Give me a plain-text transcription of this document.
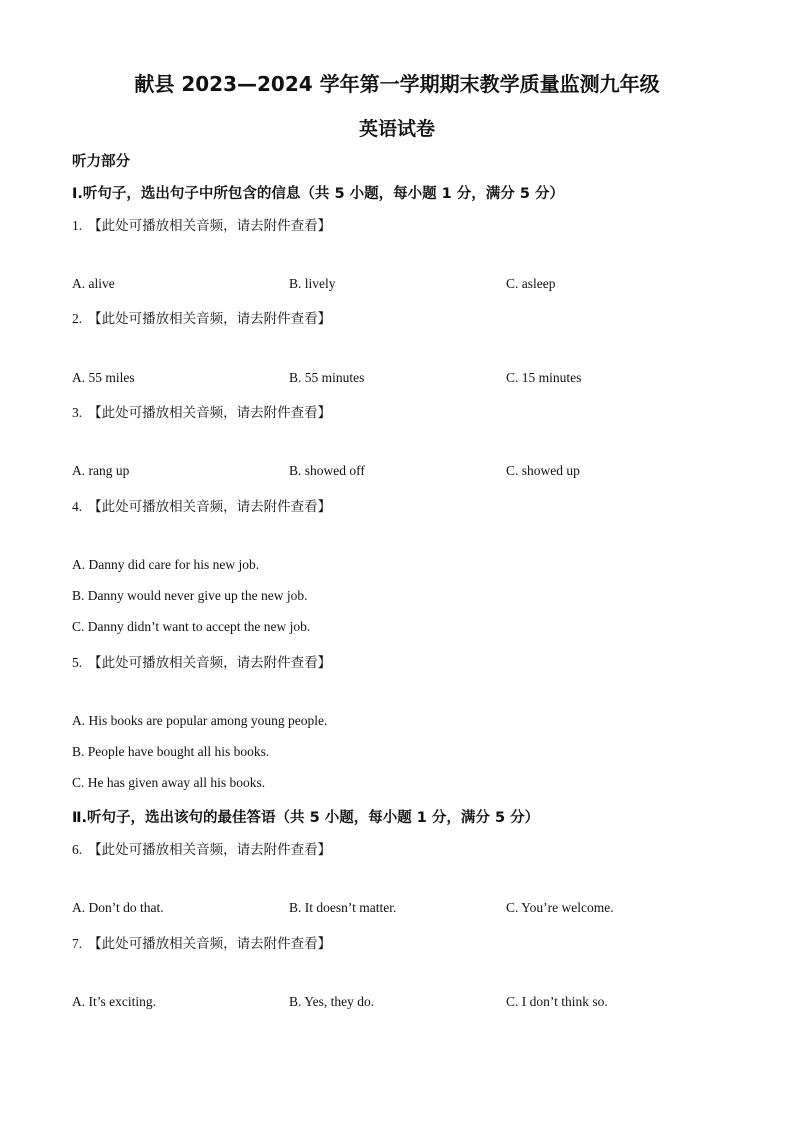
献县 2023—2024 学年第一学期期末教学质量监测九年级
英语试卷
听力部分
Ⅰ.听句子，选出句子中所包含的信息（共 5 小题，每小题 1 分，满分 5 分）
1. 【此处可播放相关音频，请去附件查看】
A. alive	B. lively	C. asleep
2. 【此处可播放相关音频，请去附件查看】
A. 55 miles	B. 55 minutes	C. 15 minutes
3. 【此处可播放相关音频，请去附件查看】
A. rang up	B. showed off	C. showed up
4. 【此处可播放相关音频，请去附件查看】
A. Danny did care for his new job.
B. Danny would never give up the new job.
C. Danny didn’t want to accept the new job.
5. 【此处可播放相关音频，请去附件查看】
A. His books are popular among young people.
B. People have bought all his books.
C. He has given away all his books.
Ⅱ.听句子，选出该句的最佳答语（共 5 小题，每小题 1 分，满分 5 分）
6. 【此处可播放相关音频，请去附件查看】
A. Don’t do that.	B. It doesn’t matter.	C. You’re welcome.
7. 【此处可播放相关音频，请去附件查看】
A. It’s exciting.	B. Yes, they do.	C. I don’t think so.
